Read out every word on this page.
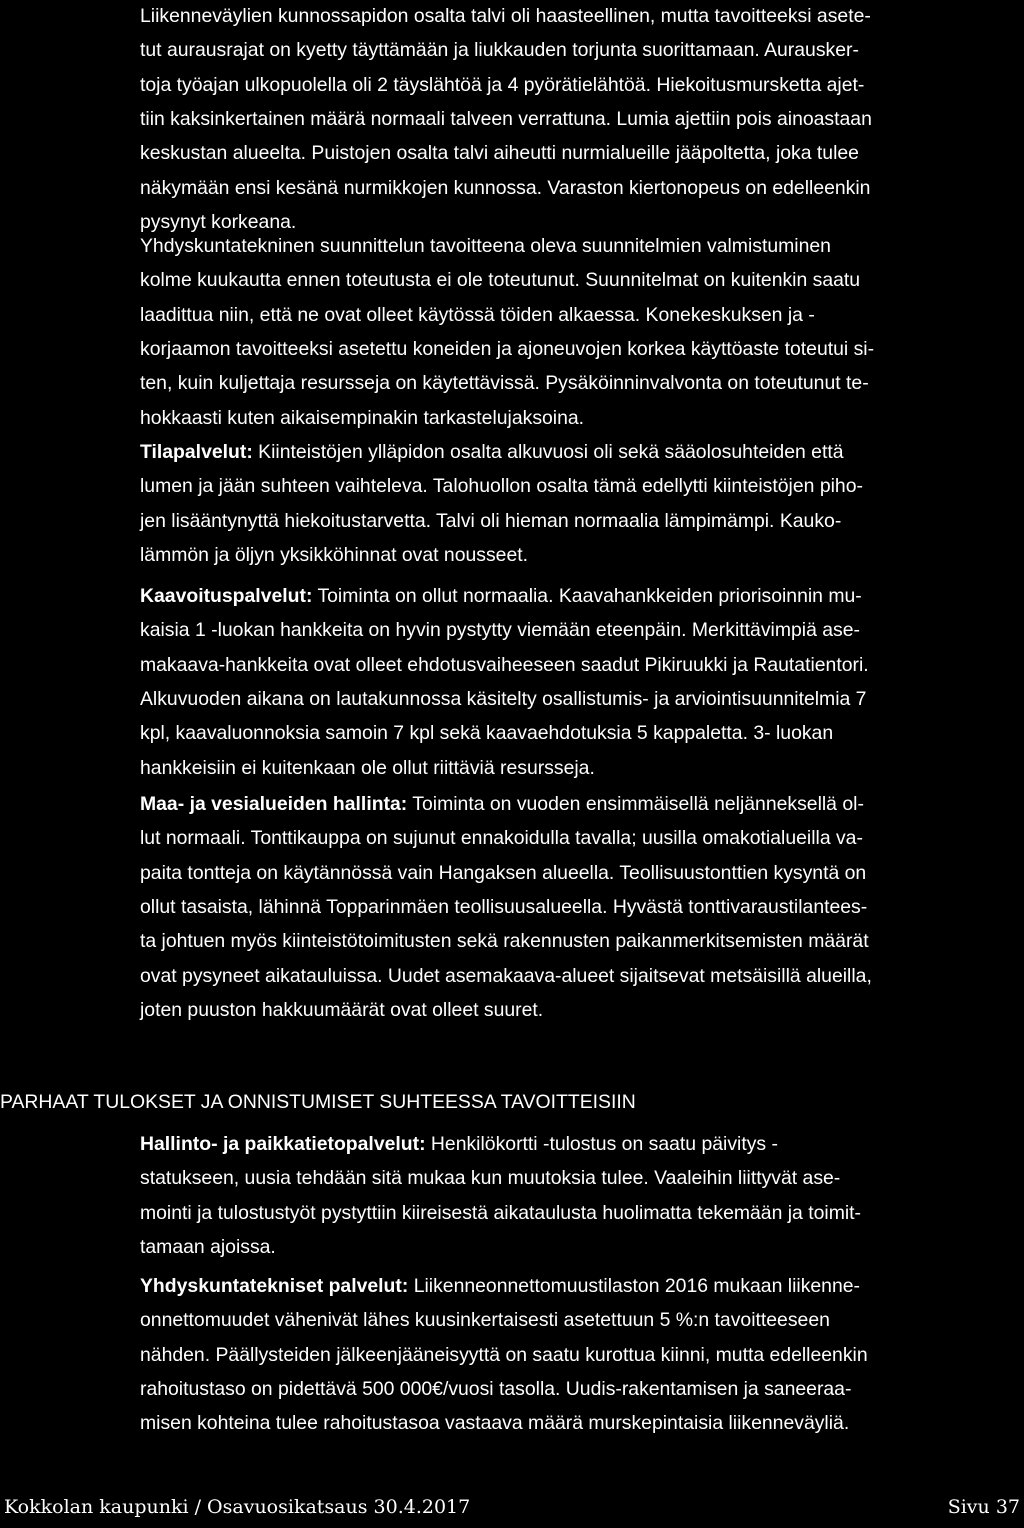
Liikenneväylien kunnossapidon osalta talvi oli haasteellinen, mutta tavoitteeksi asete-
tut aurausrajat on kyetty täyttämään ja liukkauden torjunta suorittamaan. Aurausker-
toja työajan ulkopuolella oli 2 täyslähtöä ja 4 pyörätielähtöä. Hiekoitusmursketta ajet-
tiin kaksinkertainen määrä normaali talveen verrattuna. Lumia ajettiin pois ainoastaan
keskustan alueelta. Puistojen osalta talvi aiheutti nurmialueille jääpoltetta, joka tulee
näkymään ensi kesänä nurmikkojen kunnossa. Varaston kiertonopeus on edelleenkin
pysynyt korkeana.
Yhdyskuntatekninen suunnittelun tavoitteena oleva suunnitelmien valmistuminen
kolme kuukautta ennen toteutusta ei ole toteutunut. Suunnitelmat on kuitenkin saatu
laadittua niin, että ne ovat olleet käytössä töiden alkaessa. Konekeskuksen ja -
korjaamon tavoitteeksi asetettu koneiden ja ajoneuvojen korkea käyttöaste toteutui si-
ten, kuin kuljettaja resursseja on käytettävissä. Pysäköinninvalvonta on toteutunut te-
hokkaasti kuten aikaisempinakin tarkastelujaksoina.
Tilapalvelut: Kiinteistöjen ylläpidon osalta alkuvuosi oli sekä sääolosuhteiden että
lumen ja jään suhteen vaihteleva. Talohuollon osalta tämä edellytti kiinteistöjen piho-
jen lisääntynyttä hiekoitustarvetta. Talvi oli hieman normaalia lämpimämpi. Kauko-
lämmön ja öljyn yksikköhinnat ovat nousseet.
Kaavoituspalvelut: Toiminta on ollut normaalia. Kaavahankkeiden priorisoinnin mu-
kaisia 1 -luokan hankkeita on hyvin pystytty viemään eteenpäin. Merkittävimpiä ase-
makaava-hankkeita ovat olleet ehdotusvaiheeseen saadut Pikiruukki ja Rautatientori.
Alkuvuoden aikana on lautakunnossa käsitelty osallistumis- ja arviointisuunnitelmia 7
kpl, kaavaluonnoksia samoin 7 kpl sekä kaavaehdotuksia 5 kappaletta. 3- luokan
hankkeisiin ei kuitenkaan ole ollut riittäviä resursseja.
Maa- ja vesialueiden hallinta: Toiminta on vuoden ensimmäisellä neljänneksellä ol-
lut normaali. Tonttikauppa on sujunut ennakoidulla tavalla; uusilla omakotialueilla va-
paita tontteja on käytännössä vain Hangaksen alueella. Teollisuustonttien kysyntä on
ollut tasaista, lähinnä Topparinmäen teollisuusalueella. Hyvästä tonttivaraustilantees-
ta johtuen myös kiinteistötoimitusten sekä rakennusten paikanmerkitsemisten määrät
ovat pysyneet aikatauluissa. Uudet asemakaava-alueet sijaitsevat metsäisillä alueilla,
joten puuston hakkuumäärät ovat olleet suuret.
Hallinto- ja paikkatietopalvelut: Henkilökortti -tulostus on saatu päivitys -
statukseen, uusia tehdään sitä mukaa kun muutoksia tulee. Vaaleihin liittyvät ase-
mointi ja tulostustyöt pystyttiin kiireisestä aikataulusta huolimatta tekemään ja toimit-
tamaan ajoissa.
Yhdyskuntatekniset palvelut: Liikenneonnettomuustilaston 2016 mukaan liikenne-
onnettomuudet vähenivät lähes kuusinkertaisesti asetettuun 5 %:n tavoitteeseen
nähden. Päällysteiden jälkeenjääneisyyttä on saatu kurottua kiinni, mutta edelleenkin
rahoitustaso on pidettävä 500 000€/vuosi tasolla. Uudis-rakentamisen ja saneeraa-
misen kohteina tulee rahoitustasoa vastaava määrä murskepintaisia liikenneväyliä.
PARHAAT TULOKSET JA ONNISTUMISET SUHTEESSA TAVOITTEISIIN
Kokkolan kaupunki / Osavuosikatsaus 30.4.2017	Sivu 37
